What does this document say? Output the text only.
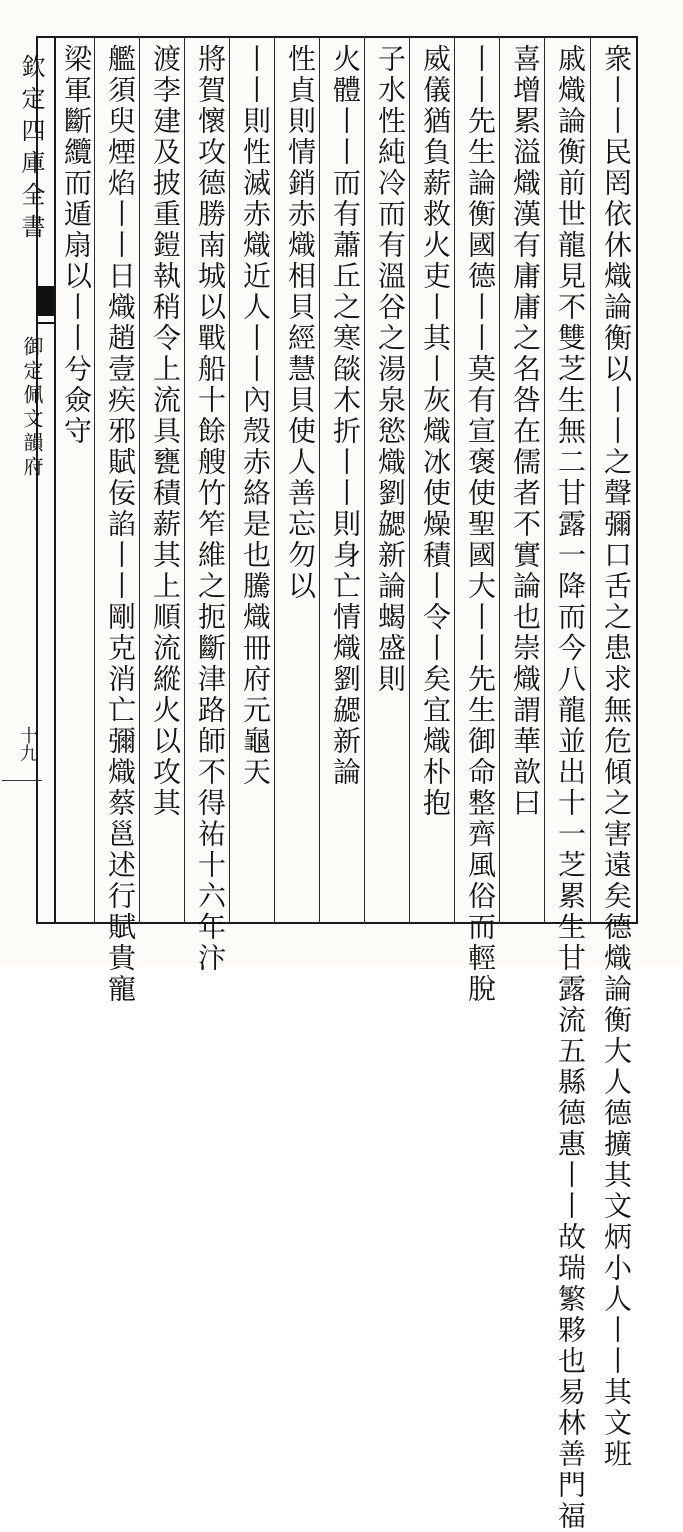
欽定四庫全書
御定佩文韻府
十九	衆丨丨民罔依休熾論衡以丨丨之聲彌口舌之患求無危傾之害遠矣德熾論衡大人德擴其文炳小人丨丨其文班
戚熾論衡前世龍見不雙芝生無二甘露一降而今八龍並出十一芝累生甘露流五縣德惠丨丨故瑞繁夥也易林善門福
喜增累溢熾漢有庸庸之名咎在儒者不實論也崇熾謂華歆曰
丨丨先生論衡國德丨丨莫有宣褒使聖國大丨丨先生御命整齊風俗而輕脫
威儀猶負薪救火吏丨其丨灰熾冰使燥積丨令丨矣宜熾朴抱
子水性純冷而有溫谷之湯泉慾熾劉勰新論蝎盛則
火體丨丨而有蕭丘之寒燄木折丨丨則身亡情熾劉勰新論
性貞則情銷赤熾相貝經慧貝使人善忘勿以
丨丨則性滅赤熾近人丨丨內殼赤絡是也騰熾冊府元龜天
將賀懷攻德勝南城以戰船十餘艘竹笮維之扼斷津路師不得祐十六年汴
渡李建及披重鎧執稍令上流具甕積薪其上順流縱火以攻其
艦須臾煙焰丨丨日熾趙壹疾邪賦佞諂丨丨剛克消亡彌熾蔡邕述行賦貴寵
梁軍斷纜而遁扇以丨丨兮僉守
